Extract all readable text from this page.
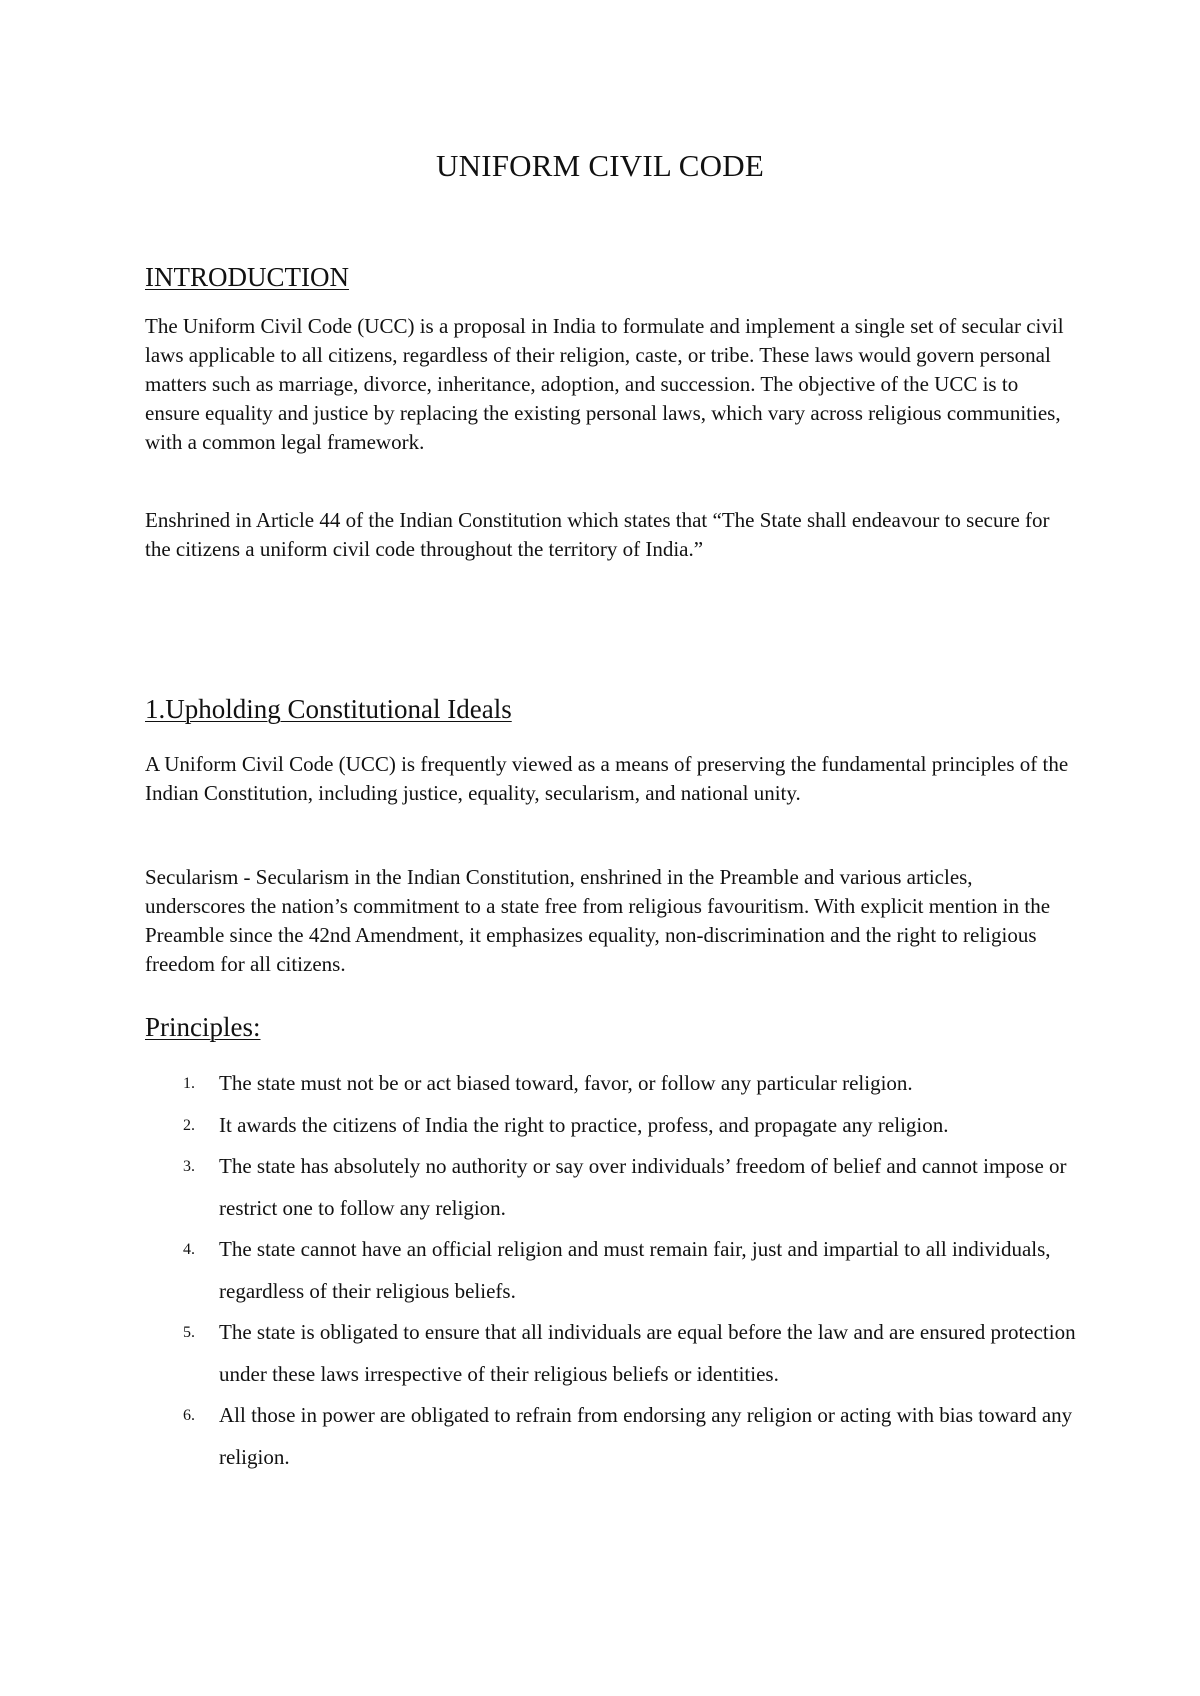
UNIFORM CIVIL CODE
INTRODUCTION

The Uniform Civil Code (UCC) is a proposal in India to formulate and implement a single set of secular civil laws applicable to all citizens, regardless of their religion, caste, or tribe. These laws would govern personal matters such as marriage, divorce, inheritance, adoption, and succession. The objective of the UCC is to ensure equality and justice by replacing the existing personal laws, which vary across religious communities, with a common legal framework.

Enshrined in Article 44 of the Indian Constitution which states that “The State shall endeavour to secure for the citizens a uniform civil code throughout the territory of India.”

1.Upholding Constitutional Ideals

A Uniform Civil Code (UCC) is frequently viewed as a means of preserving the fundamental principles of the Indian Constitution, including justice, equality, secularism, and national unity.

Secularism - Secularism in the Indian Constitution, enshrined in the Preamble and various articles, underscores the nation’s commitment to a state free from religious favouritism. With explicit mention in the Preamble since the 42nd Amendment, it emphasizes equality, non-discrimination and the right to religious freedom for all citizens.

Principles:
1. The state must not be or act biased toward, favor, or follow any particular religion.
2. It awards the citizens of India the right to practice, profess, and propagate any religion.
3. The state has absolutely no authority or say over individuals’ freedom of belief and cannot impose or restrict one to follow any religion.
4. The state cannot have an official religion and must remain fair, just and impartial to all individuals, regardless of their religious beliefs.
5. The state is obligated to ensure that all individuals are equal before the law and are ensured protection under these laws irrespective of their religious beliefs or identities.
6. All those in power are obligated to refrain from endorsing any religion or acting with bias toward any religion.
